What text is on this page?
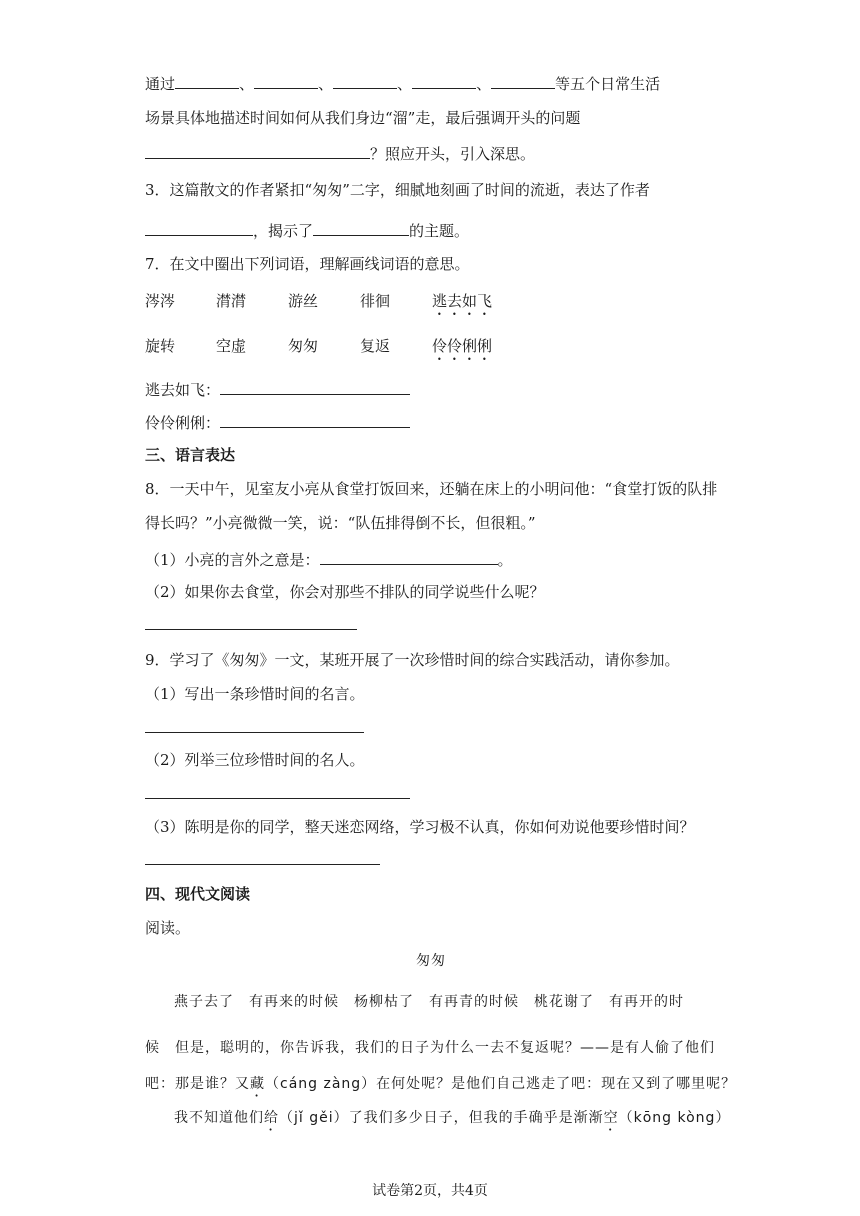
通过	、	、	、	、	等五个日常生活
场景具体地描述时间如何从我们身边“溜”走，最后强调开头的问题
？照应开头，引入深思。
3．这篇散文的作者紧扣“匆匆”二字，细腻地刻画了时间的流逝，表达了作者
，揭示了	的主题。
7．在文中圈出下列词语，理解画线词语的意思。
涔涔	潸潸	游丝	徘徊	逃去如飞
旋转	空虚	匆匆	复返	伶伶俐俐
逃去如飞：
伶伶俐俐：
三、语言表达
8．一天中午，见室友小亮从食堂打饭回来，还躺在床上的小明问他：“食堂打饭的队排
得长吗？”小亮微微一笑，说：“队伍排得倒不长，但很粗。”
（1）小亮的言外之意是：	。
（2）如果你去食堂，你会对那些不排队的同学说些什么呢？
9．学习了《匆匆》一文，某班开展了一次珍惜时间的综合实践活动，请你参加。
（1）写出一条珍惜时间的名言。
（2）列举三位珍惜时间的名人。
（3）陈明是你的同学，整天迷恋网络，学习极不认真，你如何劝说他要珍惜时间？
四、现代文阅读
阅读。
匆匆
燕子去了　有再来的时候　杨柳枯了　有再青的时候　桃花谢了　有再开的时
候　但是，聪明的，你告诉我，我们的日子为什么一去不复返呢？——是有人偷了他们
吧：那是谁？又藏（cáng zàng）在何处呢？是他们自己逃走了吧：现在又到了哪里呢？
我不知道他们给（jǐ gěi）了我们多少日子，但我的手确乎是渐渐空（kōng kòng）
试卷第2页，共4页
